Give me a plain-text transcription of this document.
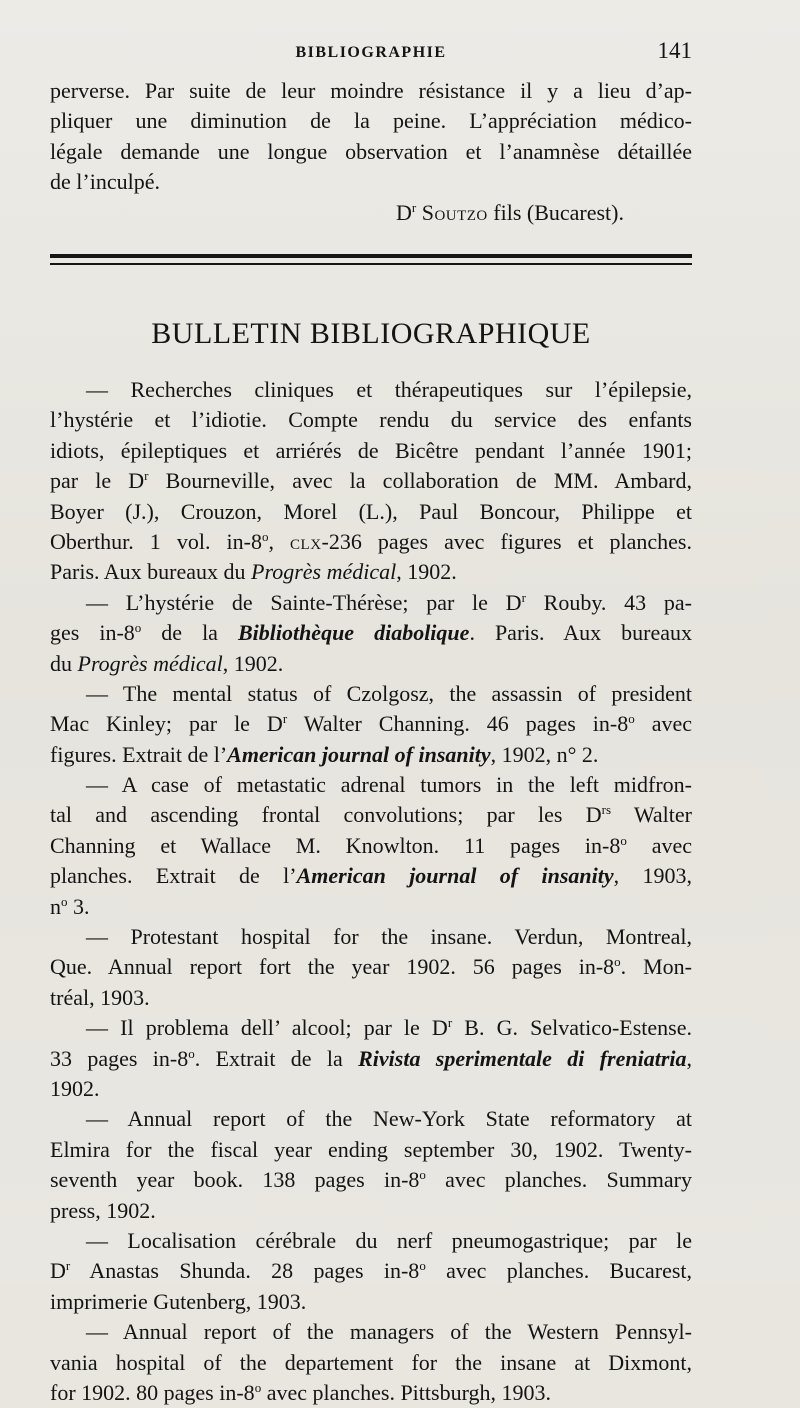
BIBLIOGRAPHIE	141
perverse. Par suite de leur moindre résistance il y a lieu d’ap-
pliquer une diminution de la peine. L’appréciation médico-
légale demande une longue observation et l’anamnèse détaillée
de l’inculpé.
$D^r$ Soutzo fils (Bucarest).
BULLETIN BIBLIOGRAPHIQUE
— Recherches cliniques et thérapeutiques sur l’épilepsie,
l’hystérie et l’idiotie. Compte rendu du service des enfants
idiots, épileptiques et arriérés de Bicêtre pendant l’année 1901;
par le $D^r$ Bourneville, avec la collaboration de MM. Ambard,
Boyer (J.), Crouzon, Morel (L.), Paul Boncour, Philippe et
Oberthur. 1 vol. in-8$^o$, clx-236 pages avec figures et planches.
Paris. Aux bureaux du Progrès médical, 1902.
— L’hystérie de Sainte-Thérèse; par le $D^r$ Rouby. 43 pa-
ges in-8$^o$ de la Bibliothèque diabolique. Paris. Aux bureaux
du Progrès médical, 1902.
— The mental status of Czolgosz, the assassin of president
Mac Kinley; par le $D^r$ Walter Channing. 46 pages in-8$^o$ avec
figures. Extrait de l’American journal of insanity, 1902, n° 2.
— A case of metastatic adrenal tumors in the left midfron-
tal and ascending frontal convolutions; par les $D^{rs}$ Walter
Channing et Wallace M. Knowlton. 11 pages in-8$^o$ avec
planches. Extrait de l’American journal of insanity, 1903,
$n^o$ 3.
— Protestant hospital for the insane. Verdun, Montreal,
Que. Annual report fort the year 1902. 56 pages in-8$^o$. Mon-
tréal, 1903.
— Il problema dell’ alcool; par le $D^r$ B. G. Selvatico-Estense.
33 pages in-8$^o$. Extrait de la Rivista sperimentale di freniatria,
1902.
— Annual report of the New-York State reformatory at
Elmira for the fiscal year ending september 30, 1902. Twenty-
seventh year book. 138 pages in-8$^o$ avec planches. Summary
press, 1902.
— Localisation cérébrale du nerf pneumogastrique; par le
$D^r$ Anastas Shunda. 28 pages in-8$^o$ avec planches. Bucarest,
imprimerie Gutenberg, 1903.
— Annual report of the managers of the Western Pennsyl-
vania hospital of the departement for the insane at Dixmont,
for 1902. 80 pages in-8$^o$ avec planches. Pittsburgh, 1903.
